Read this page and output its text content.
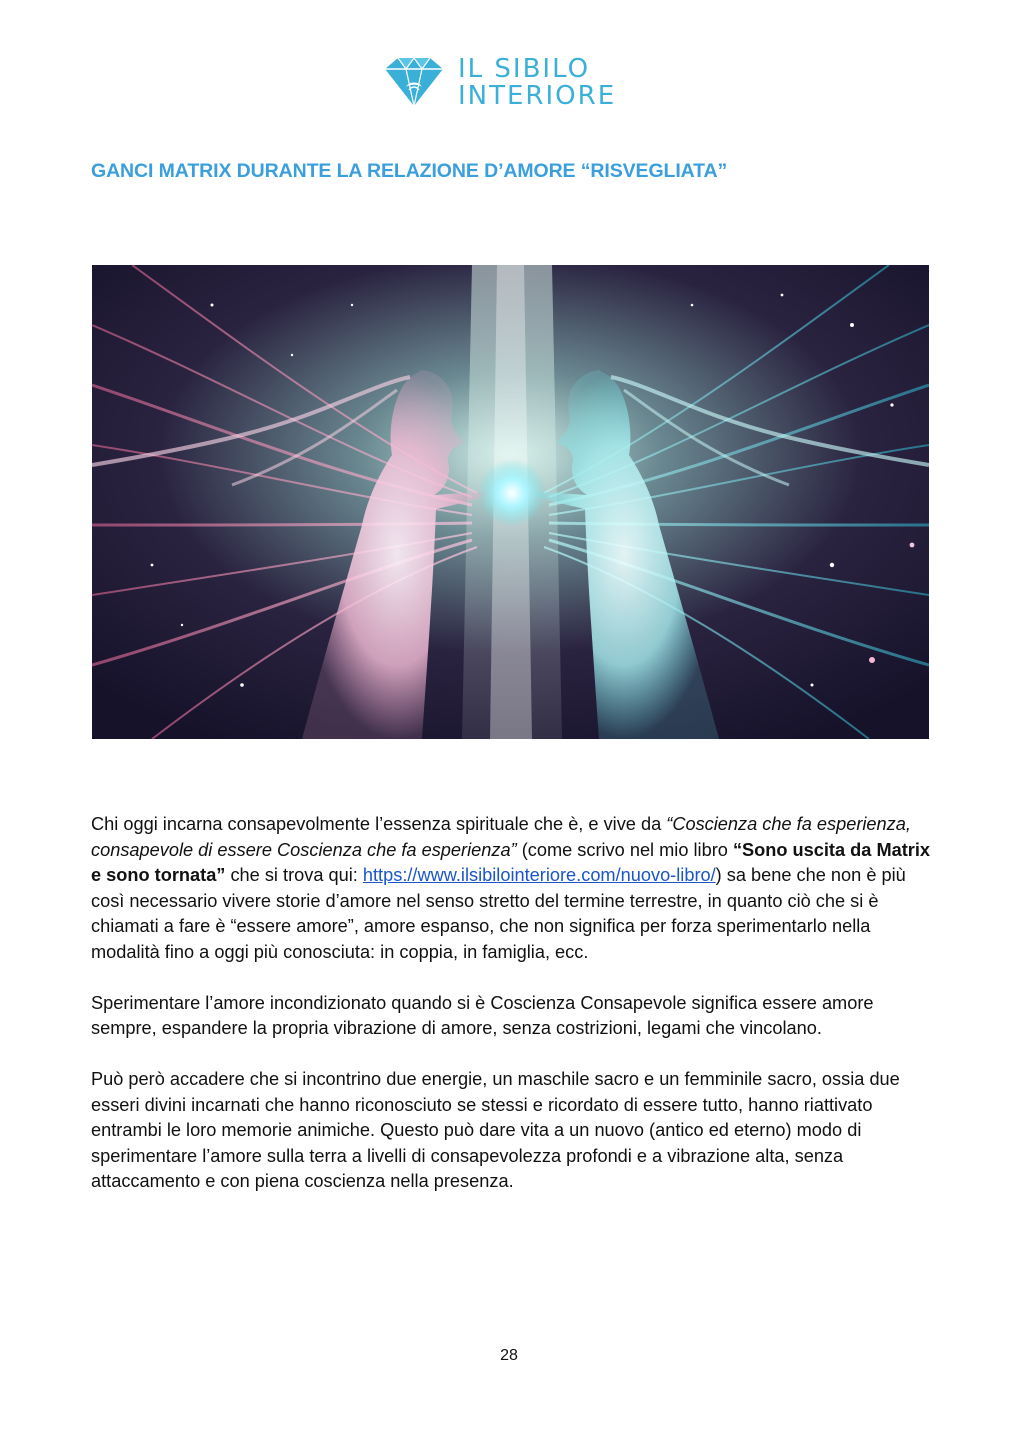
IL SIBILO
INTERIORE
GANCI MATRIX DURANTE LA RELAZIONE D’AMORE “RISVEGLIATA”

Chi oggi incarna consapevolmente l’essenza spirituale che è, e vive da “Coscienza che fa esperienza, consapevole di essere Coscienza che fa esperienza” (come scrivo nel mio libro “Sono uscita da Matrix e sono tornata” che si trova qui: https://www.ilsibilointeriore.com/nuovo-libro/) sa bene che non è più così necessario vivere storie d’amore nel senso stretto del termine terrestre, in quanto ciò che si è chiamati a fare è “essere amore”, amore espanso, che non significa per forza sperimentarlo nella modalità fino a oggi più conosciuta: in coppia, in famiglia, ecc.

Sperimentare l’amore incondizionato quando si è Coscienza Consapevole significa essere amore sempre, espandere la propria vibrazione di amore, senza costrizioni, legami che vincolano.

Può però accadere che si incontrino due energie, un maschile sacro e un femminile sacro, ossia due esseri divini incarnati che hanno riconosciuto se stessi e ricordato di essere tutto, hanno riattivato entrambi le loro memorie animiche. Questo può dare vita a un nuovo (antico ed eterno) modo di sperimentare l’amore sulla terra a livelli di consapevolezza profondi e a vibrazione alta, senza attaccamento e con piena coscienza nella presenza.

28
